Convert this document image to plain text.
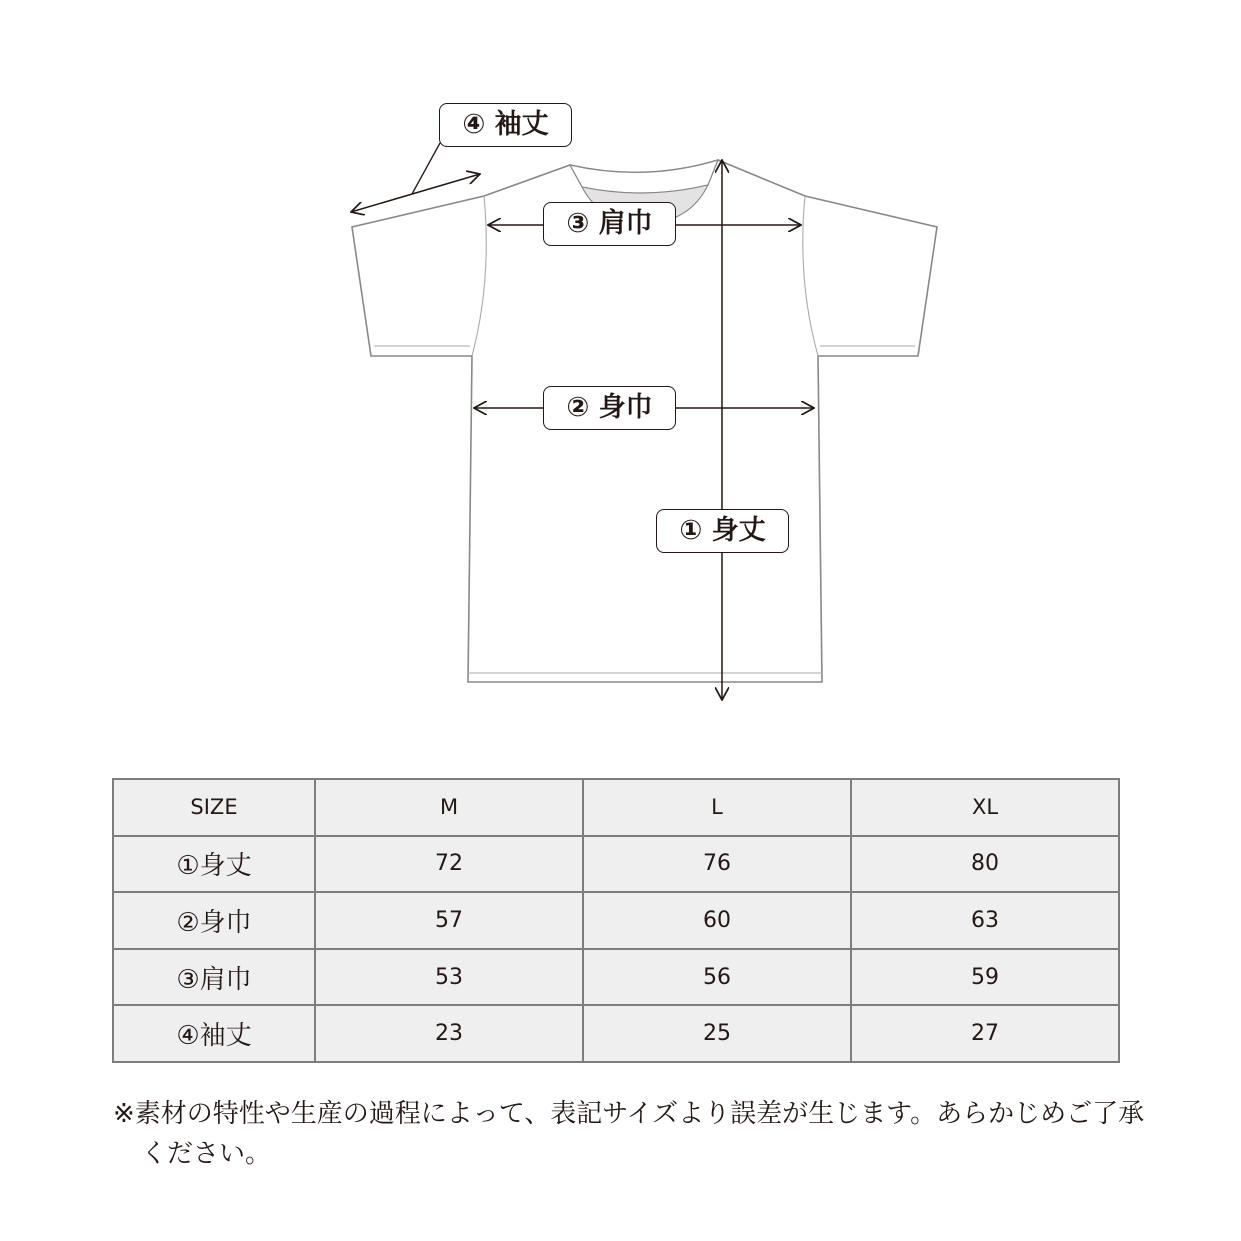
④ 袖丈
③ 肩巾
② 身巾
① 身丈
SIZE	M	L	XL
①身丈	72	76	80
②身巾	57	60	63
③肩巾	53	56	59
④袖丈	23	25	27
※素材の特性や生産の過程によって、表記サイズより誤差が生じます。あらかじめご了承ください。
